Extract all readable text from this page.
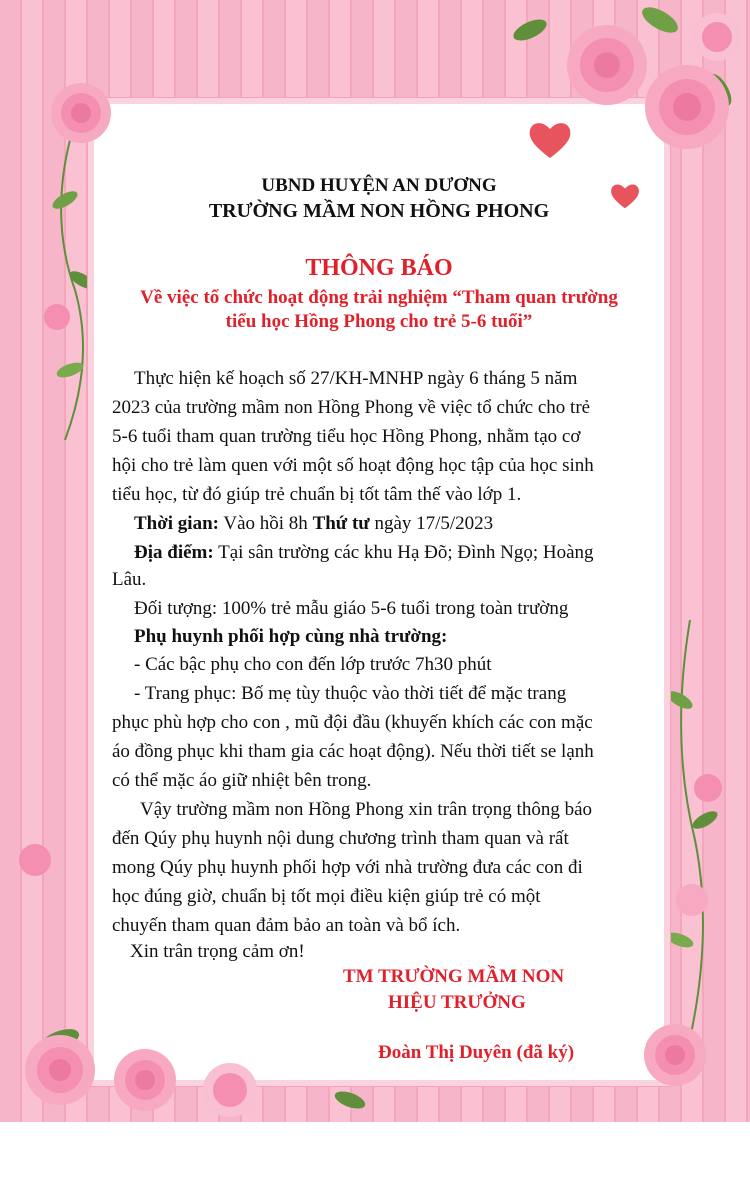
UBND HUYỆN AN DƯƠNG
TRƯỜNG MẦM NON HỒNG PHONG
THÔNG BÁO
Về việc tổ chức hoạt động trải nghiệm “Tham quan trường
tiểu học Hồng Phong cho trẻ 5-6 tuổi”
Thực hiện kế hoạch số 27/KH-MNHP ngày 6 tháng 5 năm
2023 của trường mầm non Hồng Phong về việc tổ chức cho trẻ
5-6 tuổi tham quan trường tiểu học Hồng Phong, nhằm tạo cơ
hội cho trẻ làm quen với một số hoạt động học tập của học sinh
tiểu học, từ đó giúp trẻ chuẩn bị tốt tâm thế vào lớp 1.
Thời gian: Vào hồi 8h Thứ tư ngày 17/5/2023
Địa điểm: Tại sân trường các khu Hạ Đõ; Đình Ngọ; Hoàng
Lâu.
Đối tượng: 100% trẻ mẫu giáo 5-6 tuổi trong toàn trường
Phụ huynh phối hợp cùng nhà trường:
- Các bậc phụ cho con đến lớp trước 7h30 phút
- Trang phục: Bố mẹ tùy thuộc vào thời tiết để mặc trang
phục phù hợp cho con , mũ đội đầu (khuyến khích các con mặc
áo đồng phục khi tham gia các hoạt động). Nếu thời tiết se lạnh
có thể mặc áo giữ nhiệt bên trong.
Vậy trường mầm non Hồng Phong xin trân trọng thông báo
đến Qúy phụ huynh nội dung chương trình tham quan và rất
mong Qúy phụ huynh phối hợp với nhà trường đưa các con đi
học đúng giờ, chuẩn bị tốt mọi điều kiện giúp trẻ có một
chuyến tham quan đảm bảo an toàn và bổ ích.
Xin trân trọng cảm ơn!
TM TRƯỜNG MẦM NON
HIỆU TRƯỞNG
Đoàn Thị Duyên (đã ký)
